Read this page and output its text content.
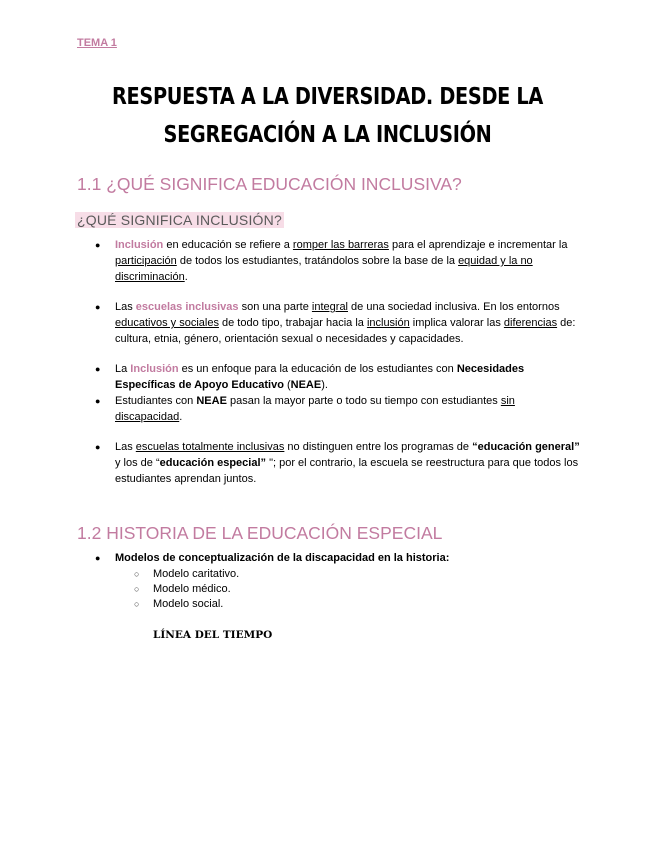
TEMA 1
RESPUESTA A LA DIVERSIDAD. DESDE LA
SEGREGACIÓN A LA INCLUSIÓN
1.1 ¿QUÉ SIGNIFICA EDUCACIÓN INCLUSIVA?
¿QUÉ SIGNIFICA INCLUSIÓN?
● Inclusión en educación se refiere a romper las barreras para el aprendizaje e incrementar la participación de todos los estudiantes, tratándolos sobre la base de la equidad y la no discriminación.
● Las escuelas inclusivas son una parte integral de una sociedad inclusiva. En los entornos educativos y sociales de todo tipo, trabajar hacia la inclusión implica valorar las diferencias de: cultura, etnia, género, orientación sexual o necesidades y capacidades.
● La Inclusión es un enfoque para la educación de los estudiantes con Necesidades Específicas de Apoyo Educativo (NEAE).
● Estudiantes con NEAE pasan la mayor parte o todo su tiempo con estudiantes sin discapacidad.
● Las escuelas totalmente inclusivas no distinguen entre los programas de “educación general” y los de “educación especial” "; por el contrario, la escuela se reestructura para que todos los estudiantes aprendan juntos.
1.2 HISTORIA DE LA EDUCACIÓN ESPECIAL
● Modelos de conceptualización de la discapacidad en la historia:
○ Modelo caritativo.
○ Modelo médico.
○ Modelo social.
LÍNEA DEL TIEMPO
